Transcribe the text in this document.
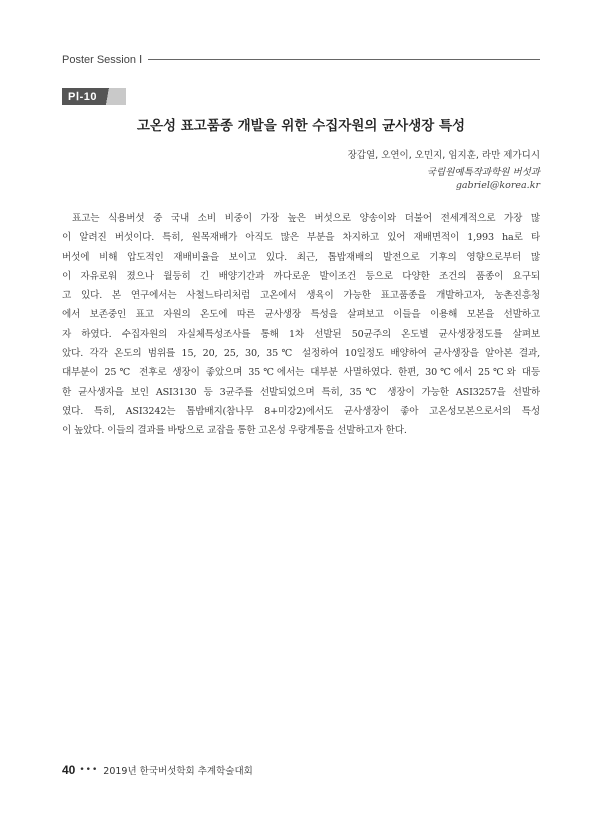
Poster Session Ⅰ
PⅠ-10
고온성 표고품종 개발을 위한 수집자원의 균사생장 특성
장갑열, 오연이, 오민지, 임지훈, 라만 제가디시
국립원예특작과학원 버섯과
gabriel@korea.kr
표고는 식용버섯 중 국내 소비 비중이 가장 높은 버섯으로 양송이와 더불어 전세계적으로 가장 많
이 알려진 버섯이다. 특히, 원목재배가 아직도 많은 부분을 차지하고 있어 재배면적이 1,993 ha로 타
버섯에 비해 압도적인 재배비율을 보이고 있다. 최근, 톱밥재배의 발전으로 기후의 영향으로부터 많
이 자유로워 졌으나 월등히 긴 배양기간과 까다로운 발이조건 등으로 다양한 조건의 품종이 요구되
고 있다. 본 연구에서는 사철느타리처럼 고온에서 생육이 가능한 표고품종을 개발하고자, 농촌진흥청
에서 보존중인 표고 자원의 온도에 따른 균사생장 특성을 살펴보고 이들을 이용해 모본을 선발하고
자 하였다. 수집자원의 자실체특성조사를 통해 1차 선발된 50균주의 온도별 균사생장정도를 살펴보
았다. 각각 온도의 범위를 15, 20, 25, 30, 35℃ 설정하여 10일정도 배양하여 균사생장을 알아본 결과,
대부분이 25℃ 전후로 생장이 좋았으며 35℃에서는 대부분 사멸하였다. 한편, 30℃에서 25℃와 대등
한 균사생자을 보인 ASI3130 등 3균주를 선발되었으며 특히, 35℃ 생장이 가능한 ASI3257을 선발하
였다. 특히, ASI3242는 톱밥배지(참나무 8+미강2)에서도 균사생장이 좋아 고온성모본으로서의 특성
이 높았다. 이들의 결과를 바탕으로 교잡을 통한 고온성 우량계통을 선발하고자 한다.
40 ••• 2019년 한국버섯학회 추계학술대회
